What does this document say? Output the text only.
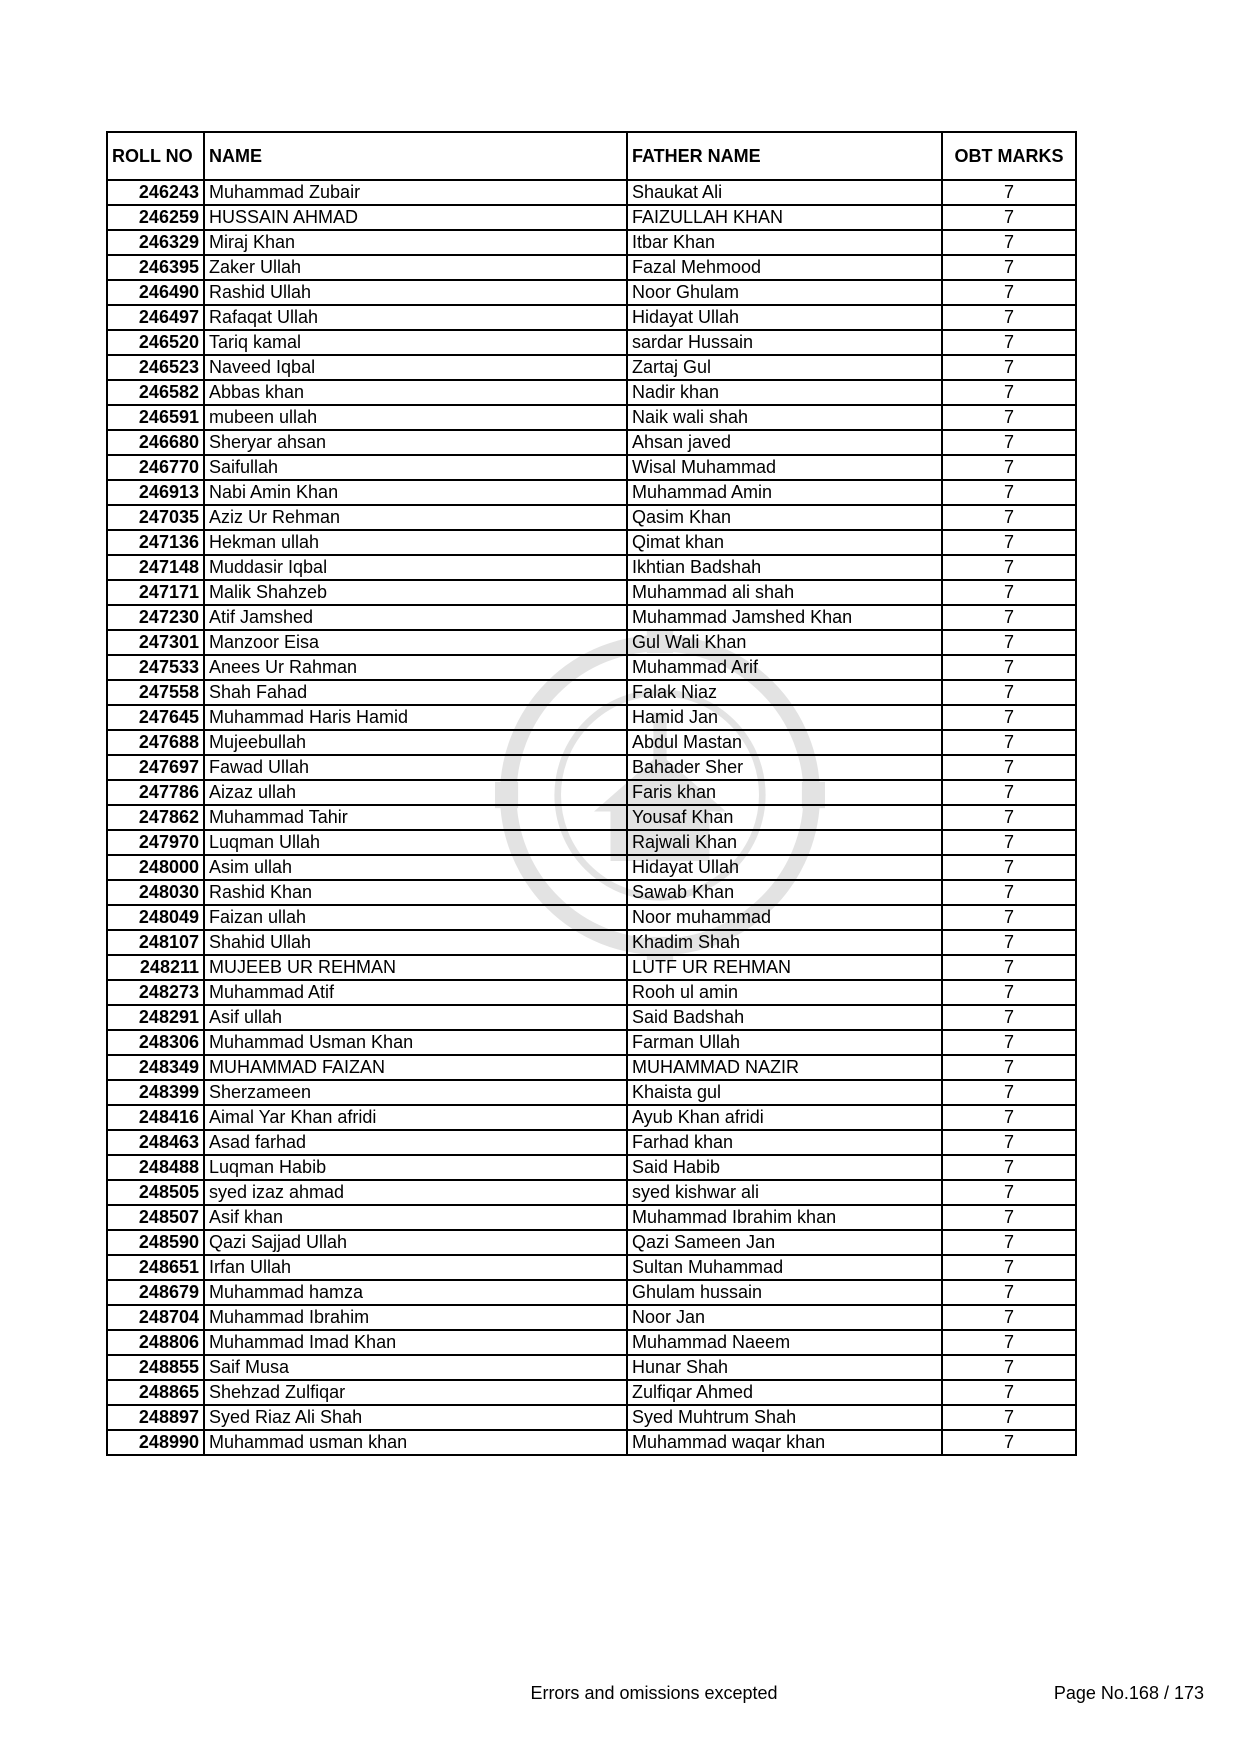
ROLL NO	NAME	FATHER NAME	OBT MARKS
246243	Muhammad Zubair	Shaukat Ali	7
246259	HUSSAIN AHMAD	FAIZULLAH KHAN	7
246329	Miraj Khan	Itbar Khan	7
246395	Zaker Ullah	Fazal Mehmood	7
246490	Rashid Ullah	Noor Ghulam	7
246497	Rafaqat Ullah	Hidayat Ullah	7
246520	Tariq kamal	sardar Hussain	7
246523	Naveed Iqbal	Zartaj Gul	7
246582	Abbas khan	Nadir khan	7
246591	mubeen ullah	Naik wali shah	7
246680	Sheryar ahsan	Ahsan javed	7
246770	Saifullah	Wisal Muhammad	7
246913	Nabi Amin Khan	Muhammad Amin	7
247035	Aziz Ur Rehman	Qasim Khan	7
247136	Hekman ullah	Qimat khan	7
247148	Muddasir Iqbal	Ikhtian Badshah	7
247171	Malik Shahzeb	Muhammad ali shah	7
247230	Atif Jamshed	Muhammad Jamshed Khan	7
247301	Manzoor Eisa	Gul Wali Khan	7
247533	Anees Ur Rahman	Muhammad Arif	7
247558	Shah Fahad	Falak Niaz	7
247645	Muhammad Haris Hamid	Hamid Jan	7
247688	Mujeebullah	Abdul Mastan	7
247697	Fawad Ullah	Bahader Sher	7
247786	Aizaz ullah	Faris khan	7
247862	Muhammad Tahir	Yousaf Khan	7
247970	Luqman Ullah	Rajwali Khan	7
248000	Asim ullah	Hidayat Ullah	7
248030	Rashid Khan	Sawab Khan	7
248049	Faizan ullah	Noor muhammad	7
248107	Shahid Ullah	Khadim Shah	7
248211	MUJEEB UR REHMAN	LUTF UR REHMAN	7
248273	Muhammad Atif	Rooh ul amin	7
248291	Asif ullah	Said Badshah	7
248306	Muhammad Usman Khan	Farman Ullah	7
248349	MUHAMMAD FAIZAN	MUHAMMAD NAZIR	7
248399	Sherzameen	Khaista gul	7
248416	Aimal Yar Khan afridi	Ayub Khan afridi	7
248463	Asad farhad	Farhad khan	7
248488	Luqman Habib	Said Habib	7
248505	syed izaz ahmad	syed kishwar ali	7
248507	Asif khan	Muhammad Ibrahim khan	7
248590	Qazi Sajjad Ullah	Qazi Sameen Jan	7
248651	Irfan Ullah	Sultan Muhammad	7
248679	Muhammad hamza	Ghulam hussain	7
248704	Muhammad Ibrahim	Noor Jan	7
248806	Muhammad Imad Khan	Muhammad Naeem	7
248855	Saif Musa	Hunar Shah	7
248865	Shehzad Zulfiqar	Zulfiqar Ahmed	7
248897	Syed Riaz Ali Shah	Syed Muhtrum Shah	7
248990	Muhammad usman khan	Muhammad waqar khan	7
Errors and omissions excepted	Page No.168 / 173
